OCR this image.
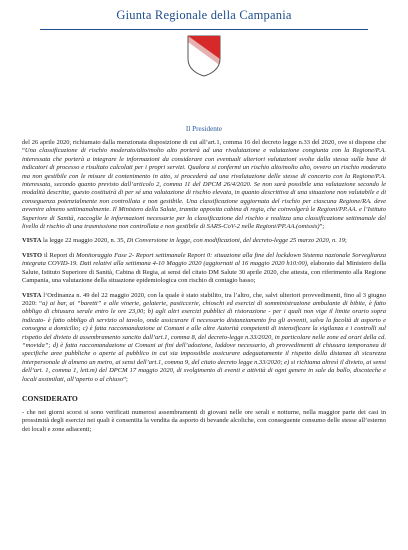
Giunta Regionale della Campania
Il Presidente

del 26 aprile 2020, richiamato dalla menzionata disposizione di cui all’art.1, comma 16 del decreto legge n.33 del 2020, ove si dispone che “Una classificazione di rischio moderato/alto/molto alto porterà ad una rivalutazione e valutazione congiunta con la Regione/P.A. interessata che porterà a integrare le informazioni da considerare con eventuali ulteriori valutazioni svolte dalla stessa sulla base di indicatori di processo e risultato calcolati per i propri servizi. Qualora si confermi un rischio alto/molto alto, ovvero un rischio moderato ma non gestibile con le misure di contenimento in atto, si procederà ad una rivalutazione delle stesse di concerto con la Regione/P.A. interessata, secondo quanto previsto dall’articolo 2, comma 11 del DPCM 26/4/2020. Se non sarà possibile una valutazione secondo le modalità descritte, questo costituirà di per sé una valutazione di rischio elevata, in quanto descrittiva di una situazione non valutabile e di conseguenza potenzialmente non controllata e non gestibile. Una classificazione aggiornata del rischio per ciascuna Regione/RA. deve avvenire almeno settimanalmente. Il Ministero della Salute, tramite apposita cabina di regia, che coinvolgerà le Regioni/PP.AA. e l’Istituto Superiore di Sanità, raccoglie le informazioni necessarie per la classificazione del rischio e realizza una classificazione settimanale del livello di rischio di una trasmissione non controllata e non gestibile di SARS-CoV-2 nelle Regioni/PP.AA.(omissis)”;

VISTA la legge 22 maggio 2020, n. 35, Di Conversione in legge, con modificazioni, del decreto-legge 25 marzo 2020, n. 19;

VISTO il Report di Monitoraggio Fase 2- Report settimanale Report 0: situazione alla fine del lockdown Sistema nazionale Sorveglianza integrata COVID-19. Dati relativi alla settimana 4-10 Maggio 2020 (aggiornati al 16 maggio 2020 h10:00), elaborato dal Ministero della Salute, Istituto Superiore di Sanità, Cabina di Regia, ai sensi del citato DM Salute 30 aprile 2020, che attesta, con riferimento alla Regione Campania, una valutazione della situazione epidemiologica con rischio di contagio basso;

VISTA l’Ordinanza n. 49 del 22 maggio 2020, con la quale è stato stabilito, tra l’altro, che, salvi ulteriori provvedimenti, fino al 3 giugno 2020: “a) ai bar, ai “baretti” e alle vinerie, gelaterie, pasticcerie, chioschi ed esercizi di somministrazione ambulante di bibite, è fatto obbligo di chiusura serale entro le ore 23,00; b) agli altri esercizi pubblici di ristorazione - per i quali non vige il limite orario sopra indicato- è fatto obbligo di servizio al tavolo, onde assicurare il necessario distanziamento fra gli avventi, salva la facoltà di asporto e consegna a domicilio; c) è fatta raccomandazione ai Comuni e alle altre Autorità competenti di intensificare la vigilanza e i controlli sul rispetto del divieto di assembramento sancito dall’art.1, comma 8, del decreto-legge n.33/2020, in particolare nelle zone ed orari della cd. “movida”; d) è fatta raccomandazione ai Comuni ai fini dell’adozione, laddove necessario, di provvedimenti di chiusura temporanea di specifiche aree pubbliche o aperte al pubblico in cui sia impossibile assicurare adeguatamente il rispetto della distanza di sicurezza interpersonale di almeno un metro, ai sensi dell’art.1, comma 9, del citato decreto legge n.33/2020; e) si richiama altresì il divieto, ai sensi dell’art. 1, comma 1, lett.m) del DPCM 17 maggio 2020, di svolgimento di eventi e attività di ogni genere in sale da ballo, discoteche e locali assimilati, all’aperto o al chiuso”;

CONSIDERATO

- che nei giorni scorsi si sono verificati numerosi assembramenti di giovani nelle ore serali e notturne, nella maggior parte dei casi in prossimità degli esercizi nei quali è consentita la vendita da asporto di bevande alcoliche, con conseguente consumo delle stesse all’esterno dei locali e zone adiacenti;
